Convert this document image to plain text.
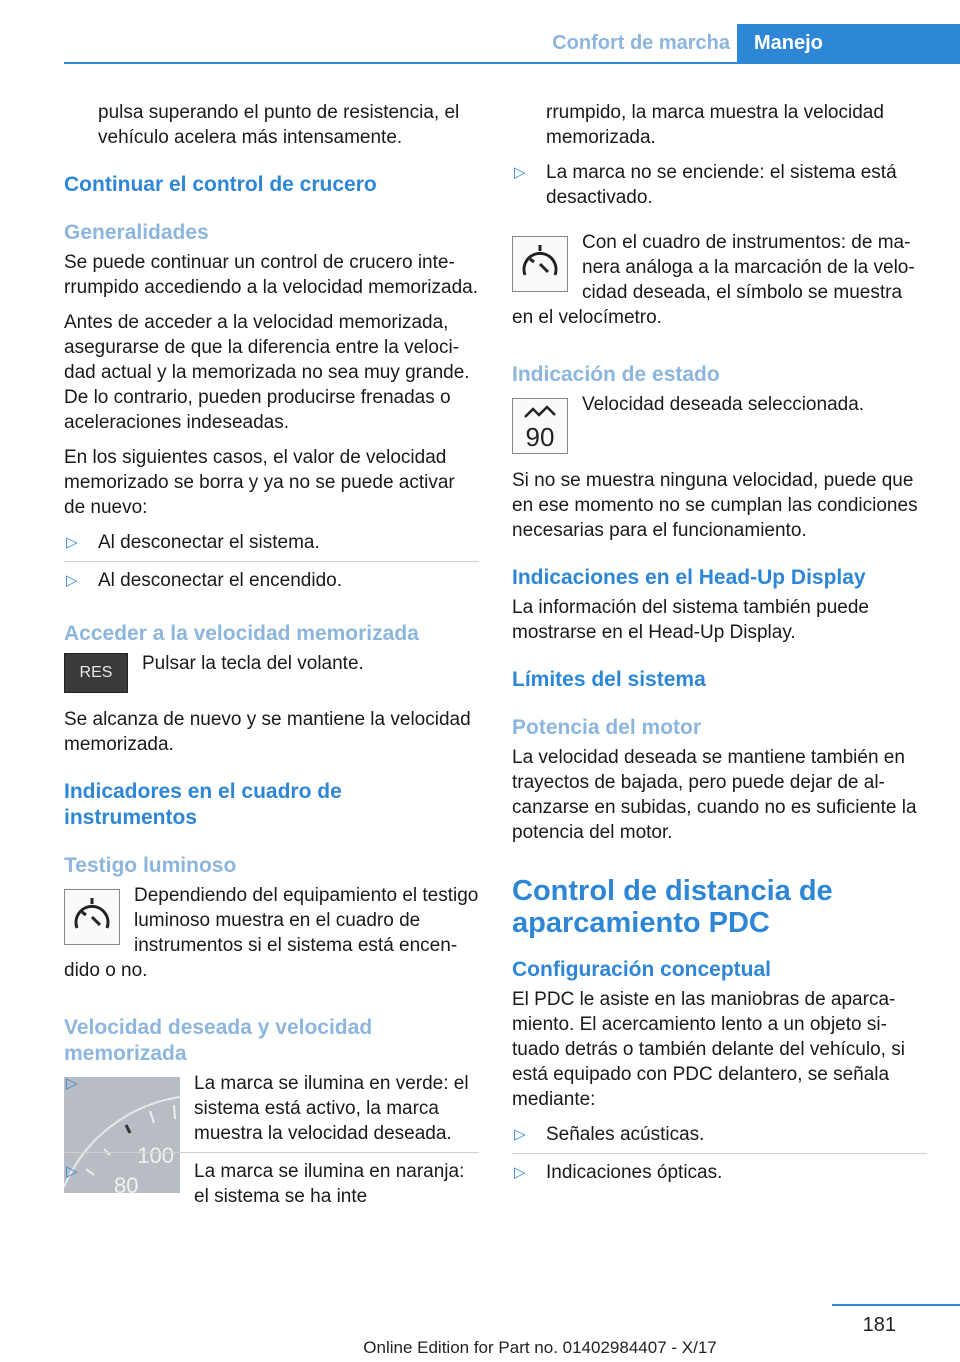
Confort de marcha	Manejo

pulsa superando el punto de resistencia, el vehículo acelera más intensamente.

Continuar el control de crucero
Generalidades

Se puede continuar un control de crucero interrumpido accediendo a la velocidad memorizada.

Antes de acceder a la velocidad memorizada, asegurarse de que la diferencia entre la velocidad actual y la memorizada no sea muy grande. De lo contrario, pueden producirse frenadas o aceleraciones indeseadas.

En los siguientes casos, el valor de velocidad memorizado se borra y ya no se puede activar de nuevo:

▷ Al desconectar el sistema.
▷ Al desconectar el encendido.
Acceder a la velocidad memorizada
RES	Pulsar la tecla del volante.

Se alcanza de nuevo y se mantiene la velocidad memorizada.

Indicadores en el cuadro de instrumentos
Testigo luminoso

Dependiendo del equipamiento el testigo luminoso muestra en el cuadro de instrumentos si el sistema está encendido o no.

Velocidad deseada y velocidad memorizada
100
80
▷	La marca se ilumina en verde: el sistema está activo, la marca muestra la velocidad deseada.
▷	La marca se ilumina en naranja: el sistema se ha inte

rrumpido, la marca muestra la velocidad memorizada.

▷ La marca no se enciende: el sistema está desactivado.

Con el cuadro de instrumentos: de manera análoga a la marcación de la velocidad deseada, el símbolo se muestra en el velocímetro.

Indicación de estado
90

Velocidad deseada seleccionada.

Si no se muestra ninguna velocidad, puede que en ese momento no se cumplan las condiciones necesarias para el funcionamiento.

Indicaciones en el Head-Up Display

La información del sistema también puede mostrarse en el Head-Up Display.

Límites del sistema
Potencia del motor

La velocidad deseada se mantiene también en trayectos de bajada, pero puede dejar de alcanzarse en subidas, cuando no es suficiente la potencia del motor.

Control de distancia de aparcamiento PDC
Configuración conceptual

El PDC le asiste en las maniobras de aparcamiento. El acercamiento lento a un objeto situado detrás o también delante del vehículo, si está equipado con PDC delantero, se señala mediante:

▷ Señales acústicas.
▷ Indicaciones ópticas.
181
Online Edition for Part no. 01402984407 - X/17
